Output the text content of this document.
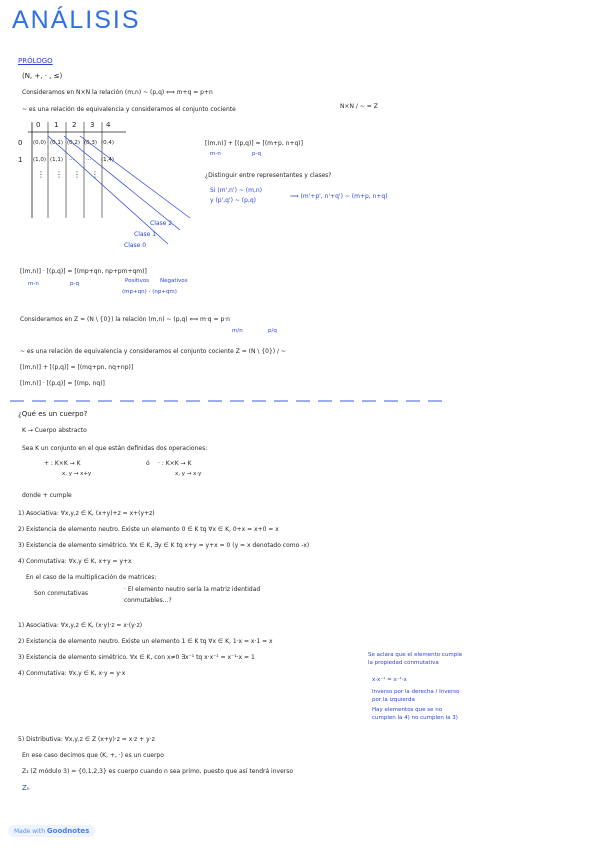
ANÁLISIS
PRÓLOGO
(N, +, · , ≤)
Consideramos en N×N la relación (m,n) ~ (p,q) ⟺ m+q = p+n
~ es una relación de equivalencia y consideramos el conjunto cociente	N×N / ~ = Z
0 1 2 3 4
0
1
(0,0) (0,1) (0,2) (0,3) (0,4)
(1,0) (1,1) ··· ··· (1,4)
⋮ ⋮ ⋮ ⋮
Clase 2
Clase 1
Clase 0
[(m,n)] + [(p,q)] = [(m+p, n+q)]
m-n	p-q
¿Distinguir entre representantes y clases?
Si (m',n') ~ (m,n)
y (p',q') ~ (p,q)
⟹ (m'+p', n'+q') ~ (m+p, n+q)
[(m,n)] · [(p,q)] = [(mp+qn, np+pm+qm)]
m-n	p-q	Positivos Negativos
(mp+qn) - (np+qm)
Consideramos en Z = (N \ {0}) la relación (m,n) ~ (p,q) ⟺ m·q = p·n
m/n	p/q
~ es una relación de equivalencia y consideramos el conjunto cociente Z = (N \ {0}) / ~
[(m,n)] + [(p,q)] = [(mq+pn, nq+np)]
[(m,n)] · [(p,q)] = [(mp, nq)]
¿Qué es un cuerpo?
K → Cuerpo abstracto
Sea K un conjunto en el que están definidas dos operaciones:
+ : K×K → K
x, y → x+y
ó · : K×K → K
x, y → x·y
donde + cumple
1) Asociativa: ∀x,y,z ∈ K, (x+y)+z = x+(y+z)
2) Existencia de elemento neutro. Existe un elemento 0 ∈ K tq ∀x ∈ K, 0+x = x+0 = x
3) Existencia de elemento simétrico. ∀x ∈ K, ∃y ∈ K tq x+y = y+x = 0 (y = x denotado como -x)
4) Conmutativa: ∀x,y ∈ K, x+y = y+x
En el caso de la multiplicación de matrices:
Son conmutativas
· El elemento neutro sería la matriz identidad
conmutables...?
1) Asociativa: ∀x,y,z ∈ K, (x·y)·z = x·(y·z)
2) Existencia de elemento neutro. Existe un elemento 1 ∈ K tq ∀x ∈ K, 1·x = x·1 = x
3) Existencia de elemento simétrico. ∀x ∈ K, con x≠0 ∃x⁻¹ tq x·x⁻¹ = x⁻¹·x = 1
4) Conmutativa: ∀x,y ∈ K, x·y = y·x
Se aclara que el elemento cumple la propiedad conmutativa
x·x⁻¹ = x⁻¹·x
Inverso por la derecha / Inverso por la izquierda
Hay elementos que se no cumplen la 4) no cumplen la 3)
5) Distributiva: ∀x,y,z ∈ Z (x+y)·z = x·z + y·z
En ese caso decimos que (K, +, ·) es un cuerpo
Z₃ (Z módulo 3) = {0,1,2,3} es cuerpo cuando n sea primo, puesto que así tendrá inverso
Zₙ
Made with Goodnotes
